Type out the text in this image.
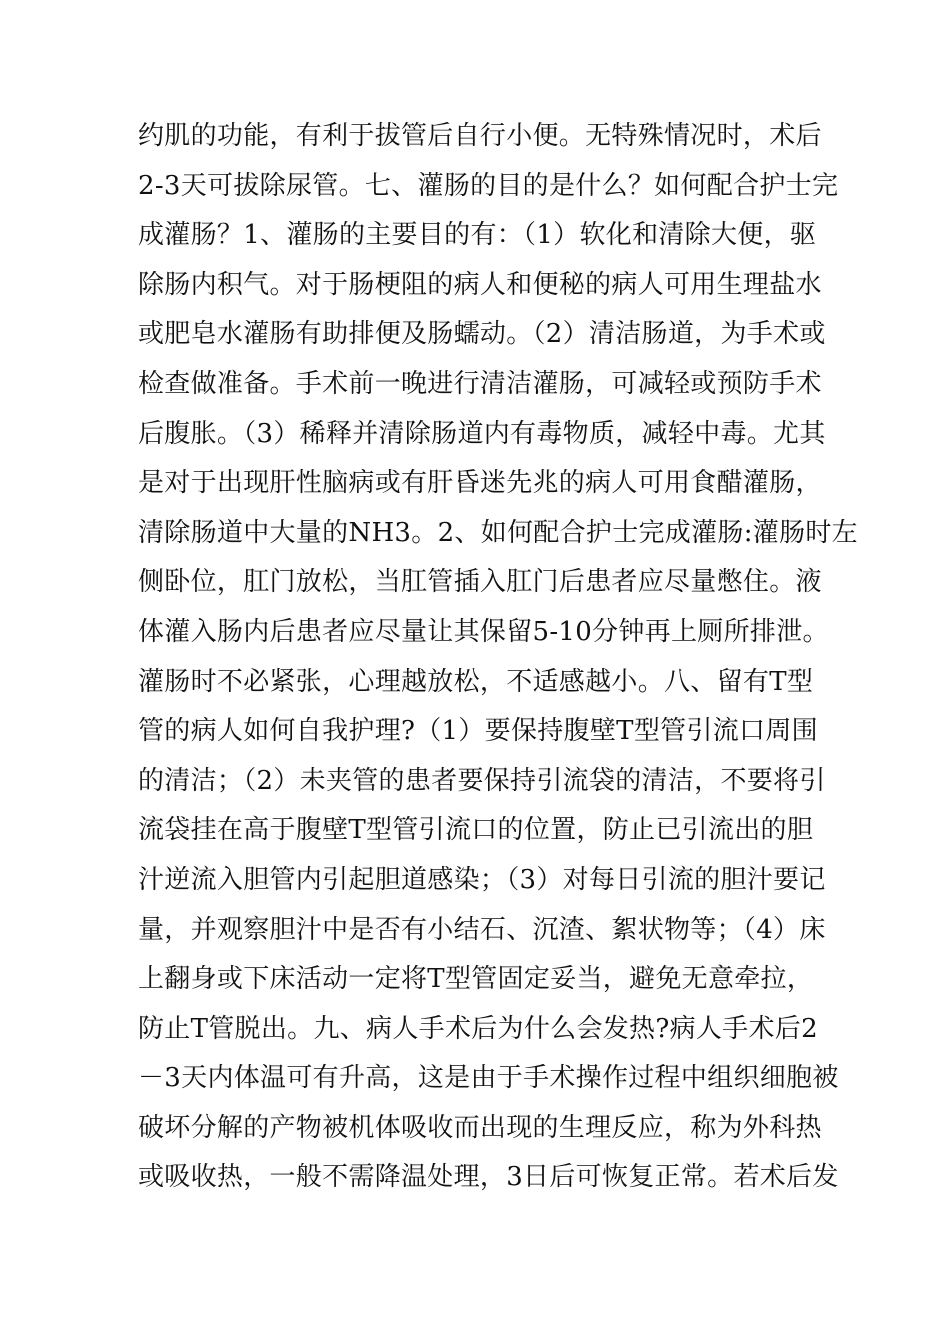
约肌的功能，有利于拔管后自行小便。无特殊情况时，术后
2-3天可拔除尿管。七、灌肠的目的是什么？如何配合护士完
成灌肠？1、灌肠的主要目的有：（1）软化和清除大便，驱
除肠内积气。对于肠梗阻的病人和便秘的病人可用生理盐水
或肥皂水灌肠有助排便及肠蠕动。（2）清洁肠道，为手术或
检查做准备。手术前一晚进行清洁灌肠，可减轻或预防手术
后腹胀。（3）稀释并清除肠道内有毒物质，减轻中毒。尤其
是对于出现肝性脑病或有肝昏迷先兆的病人可用食醋灌肠，
清除肠道中大量的NH3。2、如何配合护士完成灌肠:灌肠时左
侧卧位，肛门放松，当肛管插入肛门后患者应尽量憋住。液
体灌入肠内后患者应尽量让其保留5-10分钟再上厕所排泄。
灌肠时不必紧张，心理越放松，不适感越小。八、留有T型
管的病人如何自我护理?（1）要保持腹壁T型管引流口周围
的清洁；（2）未夹管的患者要保持引流袋的清洁，不要将引
流袋挂在高于腹壁T型管引流口的位置，防止已引流出的胆
汁逆流入胆管内引起胆道感染；（3）对每日引流的胆汁要记
量，并观察胆汁中是否有小结石、沉渣、絮状物等；（4）床
上翻身或下床活动一定将T型管固定妥当，避免无意牵拉，
防止T管脱出。九、病人手术后为什么会发热?病人手术后2
－3天内体温可有升高，这是由于手术操作过程中组织细胞被
破坏分解的产物被机体吸收而出现的生理反应，称为外科热
或吸收热，一般不需降温处理，3日后可恢复正常。若术后发
